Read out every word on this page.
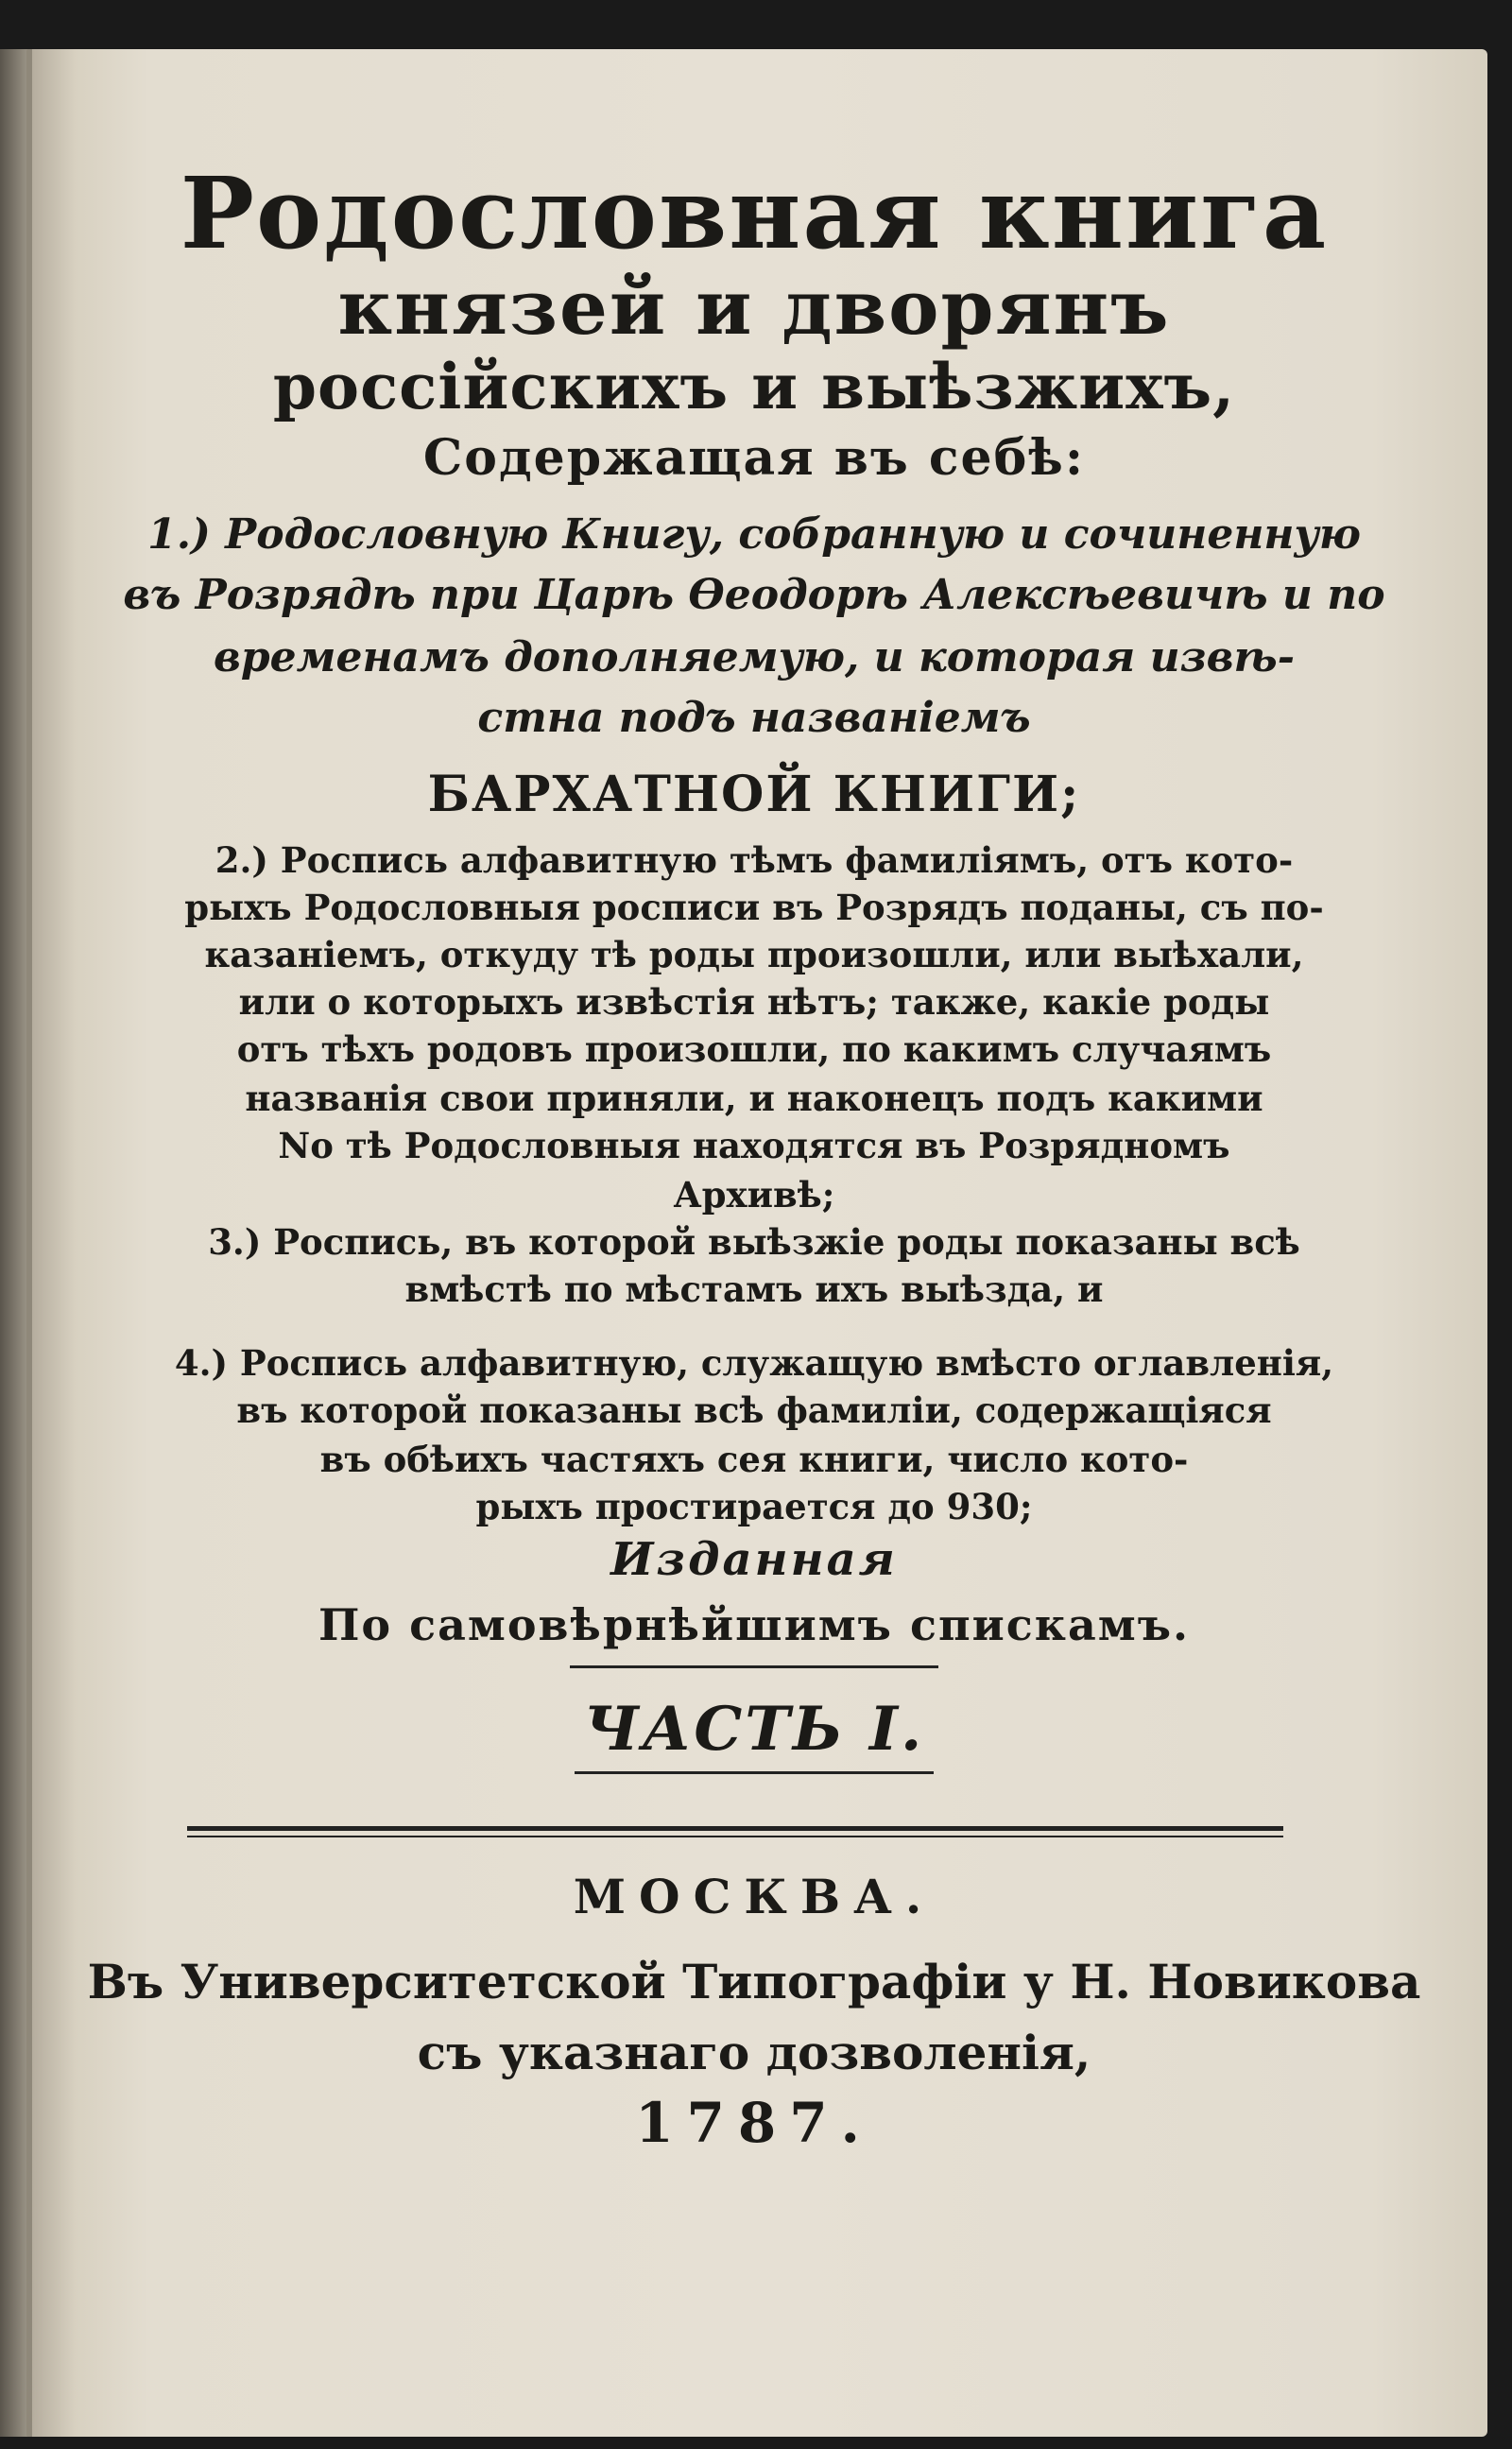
Родословная книга
князей и дворянъ
россійскихъ и выѣзжихъ,
Содержащая въ себѣ:
1.) Родословную Книгу, собранную и сочиненную
въ Розрядѣ при Царѣ Ѳеодорѣ Алексѣевичѣ и по
временамъ дополняемую, и которая извѣ-
стна подъ названіемъ
БАРХАТНОЙ КНИГИ;
2.) Роспись алфавитную тѣмъ фамиліямъ, отъ кото-
рыхъ Родословныя росписи въ Розрядъ поданы, съ по-
казаніемъ, откуду тѣ роды произошли, или выѣхали,
или о которыхъ извѣстія нѣтъ; также, какіе роды
отъ тѣхъ родовъ произошли, по какимъ случаямъ
названія свои приняли, и наконецъ подъ какими
No тѣ Родословныя находятся въ Розрядномъ
Архивѣ;
3.) Роспись, въ которой выѣзжіе роды показаны всѣ
вмѣстѣ по мѣстамъ ихъ выѣзда, и
4.) Роспись алфавитную, служащую вмѣсто оглавленія,
въ которой показаны всѣ фамиліи, содержащіяся
въ обѣихъ частяхъ сея книги, число кото-
рыхъ простирается до 930;
Изданная
По самовѣрнѣйшимъ спискамъ.
ЧАСТЬ I.
МОСКВА.
Въ Университетской Типографіи у Н. Новикова
съ указнаго дозволенія,
1787.
